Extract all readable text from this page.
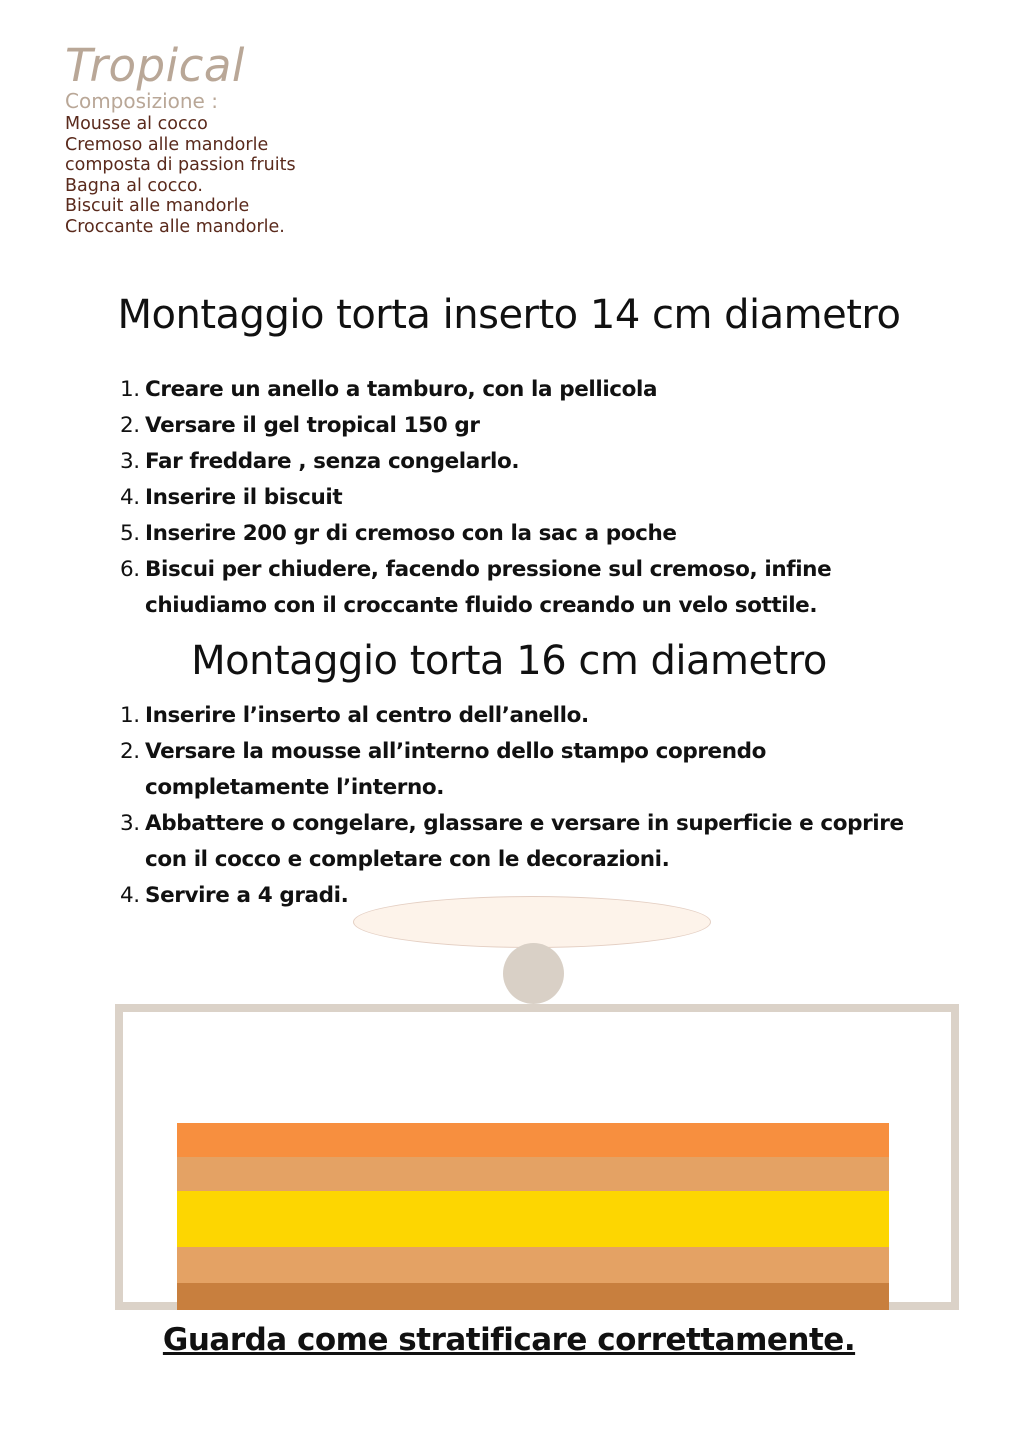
Tropical
Composizione :
Mousse al cocco
Cremoso alle mandorle
composta di passion fruits
Bagna al cocco.
Biscuit alle mandorle
Croccante alle mandorle.
Montaggio torta inserto 14 cm diametro
1. Creare un anello a tamburo, con la pellicola
2. Versare il gel tropical 150 gr
3. Far freddare , senza congelarlo.
4. Inserire il biscuit
5. Inserire 200 gr di cremoso con la sac a poche
6. Biscui per chiudere, facendo pressione sul cremoso, infine chiudiamo con il croccante fluido creando un velo sottile.
Montaggio torta 16 cm diametro
1. Inserire l’inserto al centro dell’anello.
2. Versare la mousse all’interno dello stampo coprendo completamente l’interno.
3. Abbattere o congelare, glassare e versare in superficie e coprire con il cocco e completare con le decorazioni.
4. Servire a 4 gradi.
Guarda come stratificare correttamente.
